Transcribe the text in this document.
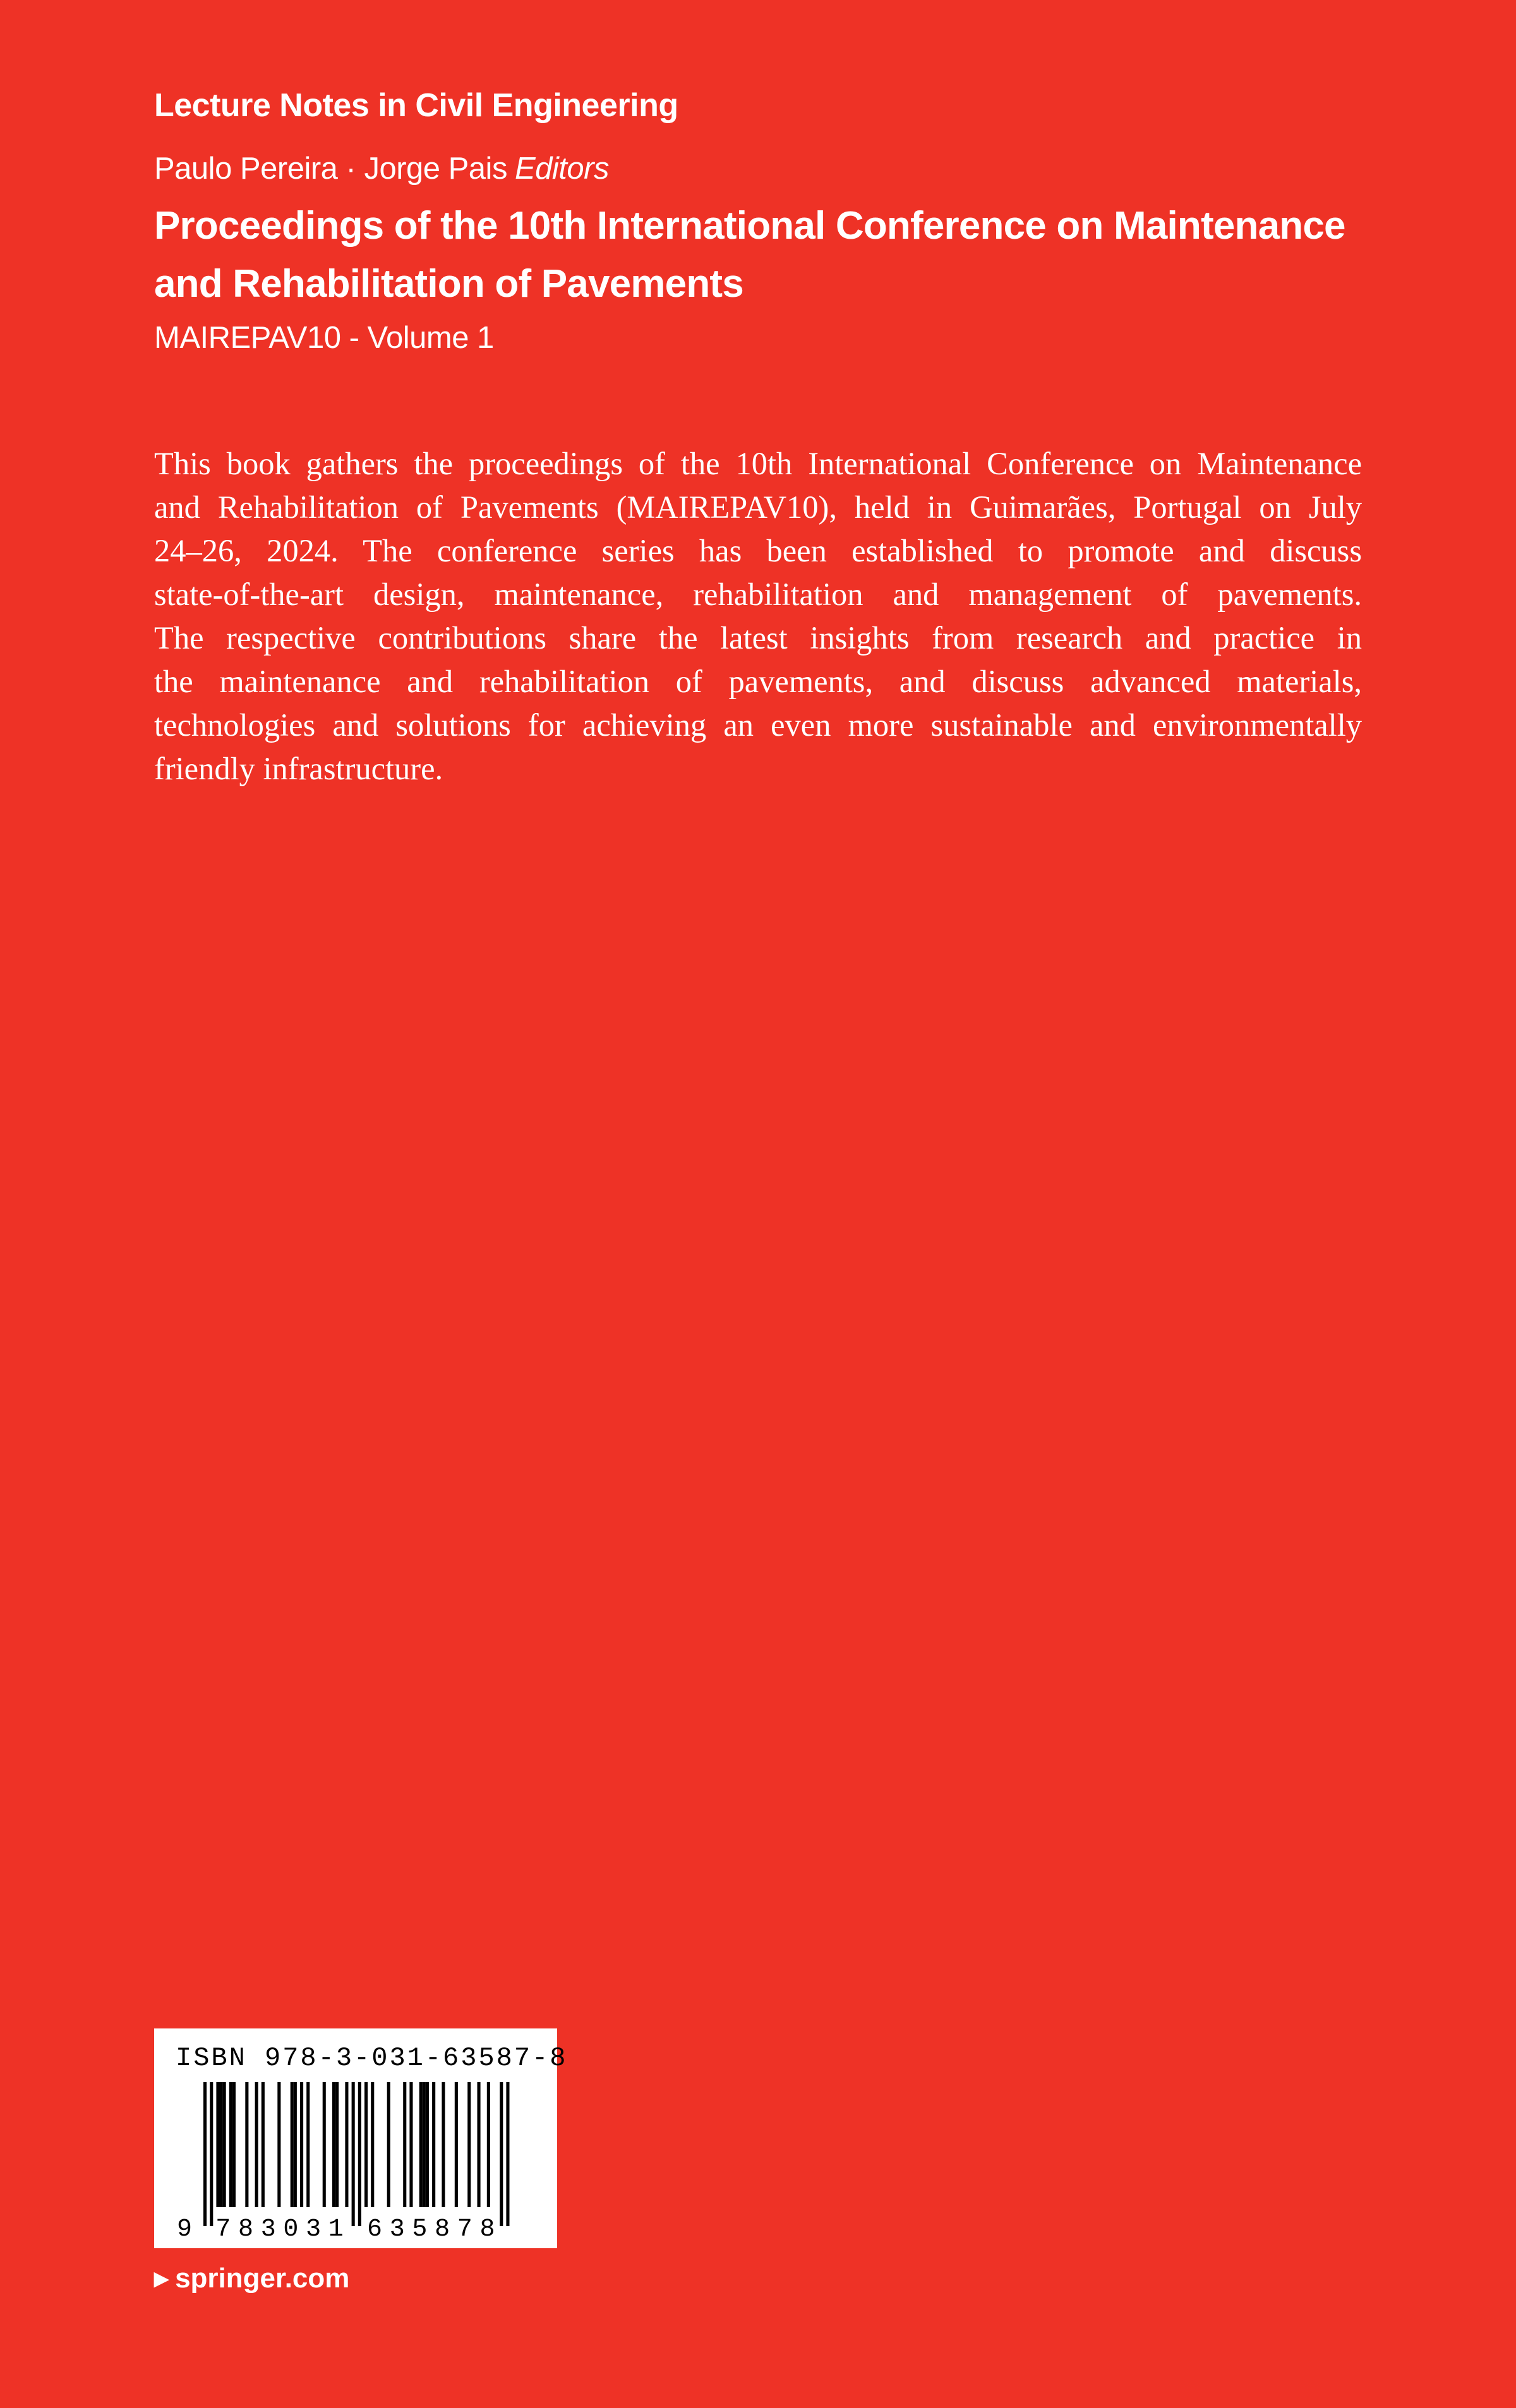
Lecture Notes in Civil Engineering
Paulo Pereira · Jorge Pais Editors
Proceedings of the 10th International Conference on Maintenance
and Rehabilitation of Pavements
MAIREPAV10 - Volume 1
This book gathers the proceedings of the 10th International Conference on Maintenance
and Rehabilitation of Pavements (MAIREPAV10), held in Guimarães, Portugal on July
24–26, 2024. The conference series has been established to promote and discuss
state-of-the-art design, maintenance, rehabilitation and management of pavements.
The respective contributions share the latest insights from research and practice in
the maintenance and rehabilitation of pavements, and discuss advanced materials,
technologies and solutions for achieving an even more sustainable and environmentally
friendly infrastructure.
ISBN 978-3-031-63587-8
9 7 8 3 0 3 1 6 3 5 8 7 8
▶ springer.com
